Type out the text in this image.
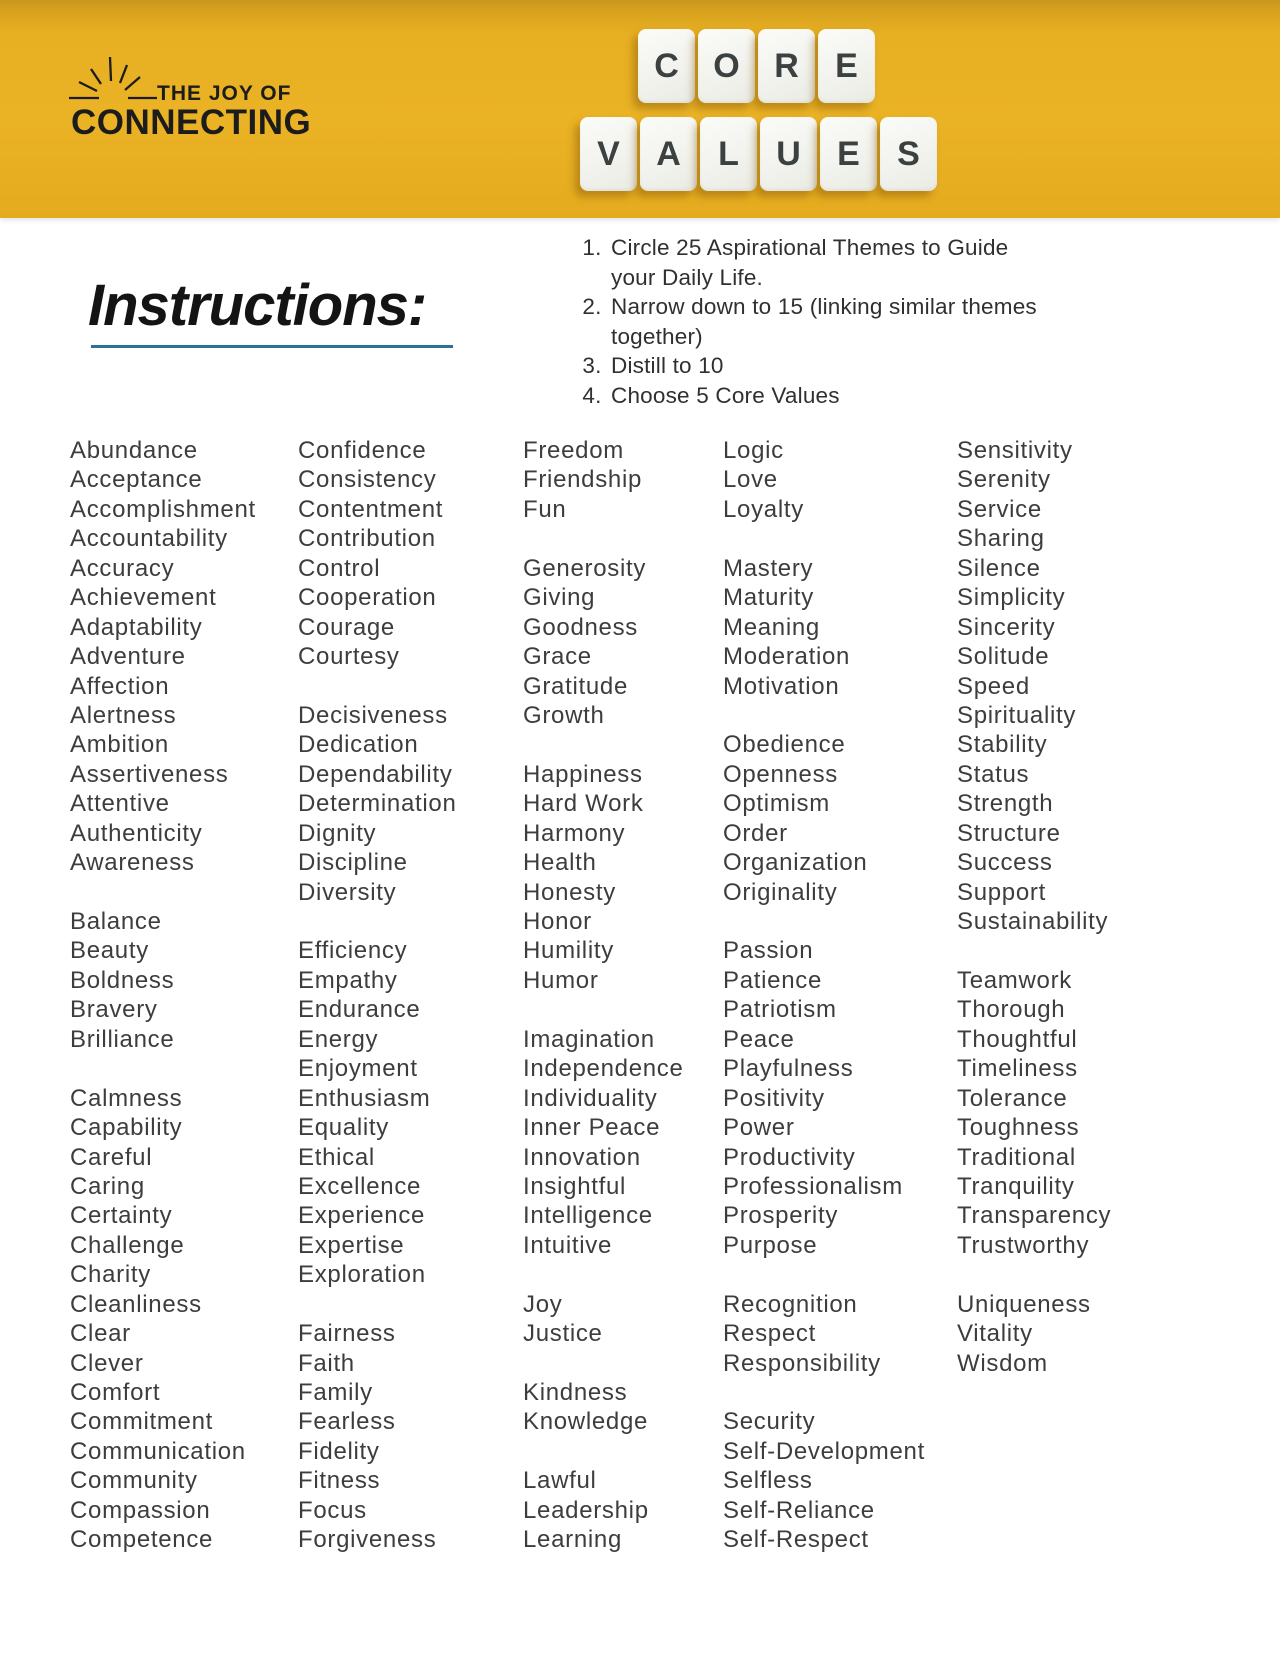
THE JOY OF
CONNECTING
C	O	R	E
V	A	L	U	E	S
Instructions:
1. Circle 25 Aspirational Themes to Guide your Daily Life.
2. Narrow down to 15 (linking similar themes together)
3. Distill to 10
4. Choose 5 Core Values
Abundance
Acceptance
Accomplishment
Accountability
Accuracy
Achievement
Adaptability
Adventure
Affection
Alertness
Ambition
Assertiveness
Attentive
Authenticity
Awareness
Balance
Beauty
Boldness
Bravery
Brilliance
Calmness
Capability
Careful
Caring
Certainty
Challenge
Charity
Cleanliness
Clear
Clever
Comfort
Commitment
Communication
Community
Compassion
Competence
Confidence
Consistency
Contentment
Contribution
Control
Cooperation
Courage
Courtesy
Decisiveness
Dedication
Dependability
Determination
Dignity
Discipline
Diversity
Efficiency
Empathy
Endurance
Energy
Enjoyment
Enthusiasm
Equality
Ethical
Excellence
Experience
Expertise
Exploration
Fairness
Faith
Family
Fearless
Fidelity
Fitness
Focus
Forgiveness
Freedom
Friendship
Fun
Generosity
Giving
Goodness
Grace
Gratitude
Growth
Happiness
Hard Work
Harmony
Health
Honesty
Honor
Humility
Humor
Imagination
Independence
Individuality
Inner Peace
Innovation
Insightful
Intelligence
Intuitive
Joy
Justice
Kindness
Knowledge
Lawful
Leadership
Learning
Logic
Love
Loyalty
Mastery
Maturity
Meaning
Moderation
Motivation
Obedience
Openness
Optimism
Order
Organization
Originality
Passion
Patience
Patriotism
Peace
Playfulness
Positivity
Power
Productivity
Professionalism
Prosperity
Purpose
Recognition
Respect
Responsibility
Security
Self-Development
Selfless
Self-Reliance
Self-Respect
Sensitivity
Serenity
Service
Sharing
Silence
Simplicity
Sincerity
Solitude
Speed
Spirituality
Stability
Status
Strength
Structure
Success
Support
Sustainability
Teamwork
Thorough
Thoughtful
Timeliness
Tolerance
Toughness
Traditional
Tranquility
Transparency
Trustworthy
Uniqueness
Vitality
Wisdom
